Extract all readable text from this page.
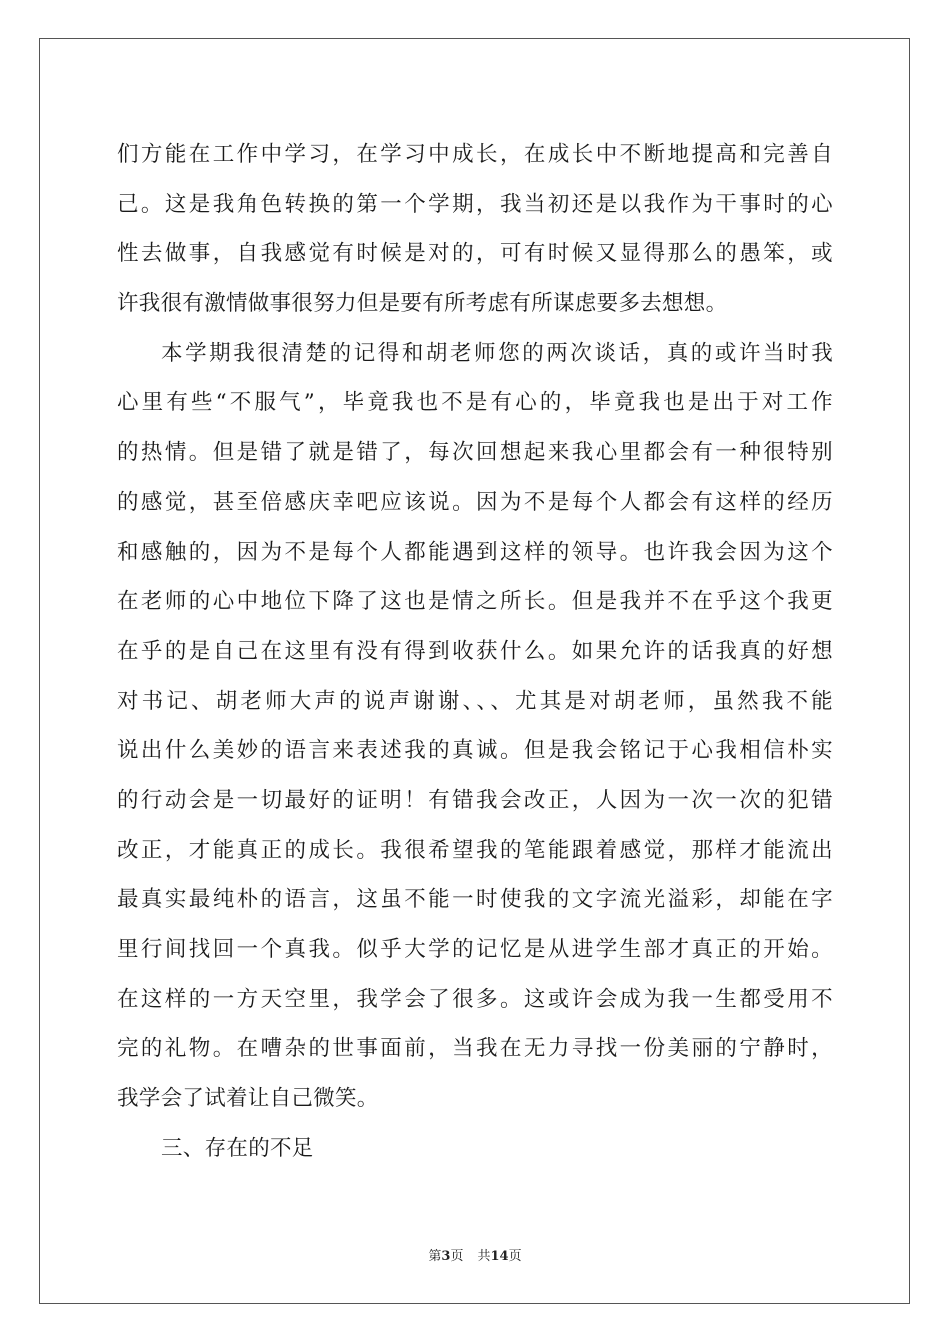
们方能在工作中学习，在学习中成长，在成长中不断地提高和完善自
己。这是我角色转换的第一个学期，我当初还是以我作为干事时的心
性去做事，自我感觉有时候是对的，可有时候又显得那么的愚笨，或
许我很有激情做事很努力但是要有所考虑有所谋虑要多去想想。
本学期我很清楚的记得和胡老师您的两次谈话，真的或许当时我
心里有些“不服气”，毕竟我也不是有心的，毕竟我也是出于对工作
的热情。但是错了就是错了，每次回想起来我心里都会有一种很特别
的感觉，甚至倍感庆幸吧应该说。因为不是每个人都会有这样的经历
和感触的，因为不是每个人都能遇到这样的领导。也许我会因为这个
在老师的心中地位下降了这也是情之所长。但是我并不在乎这个我更
在乎的是自己在这里有没有得到收获什么。如果允许的话我真的好想
对书记、胡老师大声的说声谢谢、、、尤其是对胡老师，虽然我不能
说出什么美妙的语言来表述我的真诚。但是我会铭记于心我相信朴实
的行动会是一切最好的证明！有错我会改正，人因为一次一次的犯错
改正，才能真正的成长。我很希望我的笔能跟着感觉，那样才能流出
最真实最纯朴的语言，这虽不能一时使我的文字流光溢彩，却能在字
里行间找回一个真我。似乎大学的记忆是从进学生部才真正的开始。
在这样的一方天空里，我学会了很多。这或许会成为我一生都受用不
完的礼物。在嘈杂的世事面前，当我在无力寻找一份美丽的宁静时，
我学会了试着让自己微笑。
三、存在的不足
第3页 共14页
